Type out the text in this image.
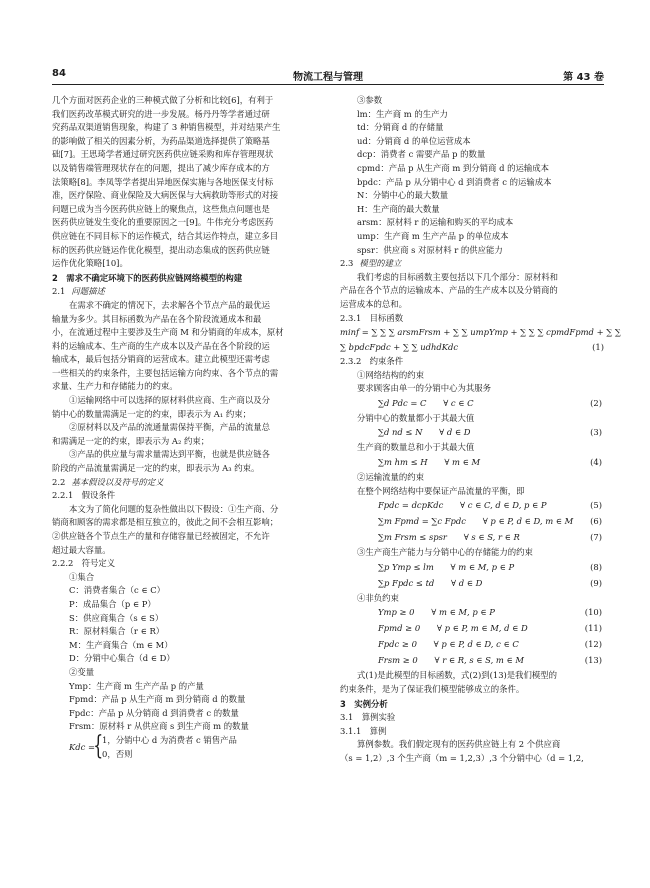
84	物流工程与管理	第 43 卷

几个方面对医药企业的三种模式做了分析和比较[6]，有利于

我们医药改革模式研究的进一步发展。杨丹丹等学者通过研

究药品双渠道销售现象，构建了 3 种销售模型，并对结果产生

的影响做了相关的因素分析，为药品渠道选择提供了策略基

础[7]。王思琦学者通过研究医药供应链采购和库存管理现状

以及销售端管理现状存在的问题，提出了减少库存成本的方

法策略[8]。李凤等学者提出异地医保实施与各地医保支付标

准，医疗保险、商业保险及大病医保与大病救助等形式的对接

问题已成为当今医药供应链上的聚焦点，这些焦点问题也是

医药供应链发生变化的重要原因之一[9]。牛伟充分考虑医药

供应链在不同目标下的运作模式，结合其运作特点，建立多目

标的医药供应链运作优化模型，提出动态集成的医药供应链

运作优化策略[10]。

2　需求不确定环境下的医药供应链网络模型的构建

2.1 问题描述

在需求不确定的情况下，去求解各个节点产品的最优运

输量为多少。其目标函数为产品在各个阶段流通成本和最

小，在流通过程中主要涉及生产商 M 和分销商的年成本，原材

料的运输成本、生产商的生产成本以及产品在各个阶段的运

输成本，最后包括分销商的运营成本。建立此模型还需考虑

一些相关的约束条件，主要包括运输方向约束、各个节点的需

求量、生产力和存储能力的约束。

①运输网络中可以选择的原材料供应商、生产商以及分

销中心的数量需满足一定的约束，即表示为 A₁ 约束；

②原材料以及产品的流通量需保持平衡，产品的流量总

和需满足一定的约束，即表示为 A₂ 约束；

③产品的供应量与需求量需达到平衡，也就是供应链各

阶段的产品流量需满足一定的约束，即表示为 A₃ 约束。

2.2 基本假设以及符号的定义

2.2.1　假设条件

本文为了简化问题的复杂性做出以下假设：①生产商、分

销商和顾客的需求都是相互独立的，彼此之间不会相互影响；

②供应链各个节点生产的量和存储容量已经被固定，不允许

超过最大容量。

2.2.2　符号定义

①集合

C：消费者集合（c ∈ C）

P：成品集合（p ∈ P）

S：供应商集合（s ∈ S）

R：原材料集合（r ∈ R）

M：生产商集合（m ∈ M）

D：分销中心集合（d ∈ D）

②变量

Ymp：生产商 m 生产产品 p 的产量

Fpmd：产品 p 从生产商 m 到分销商 d 的数量

Fpdc：产品 p 从分销商 d 到消费者 c 的数量

Frsm：原材料 r 从供应商 s 到生产商 m 的数量

Kdc =
{
1，分销中心 d 为消费者 c 销售产品
0，否则

③参数

lm：生产商 m 的生产力

td：分销商 d 的存储量

ud：分销商 d 的单位运营成本

dcp：消费者 c 需要产品 p 的数量

cpmd：产品 p 从生产商 m 到分销商 d 的运输成本

bpdc：产品 p 从分销中心 d 到消费者 c 的运输成本

N：分销中心的最大数量

H：生产商的最大数量

arsm：原材料 r 的运输和购买的平均成本

ump：生产商 m 生产产品 p 的单位成本

spsr：供应商 s 对原材料 r 的供应能力

2.3 模型的建立

我们考虑的目标函数主要包括以下几个部分：原材料和

产品在各个节点的运输成本、产品的生产成本以及分销商的

运营成本的总和。

2.3.1　目标函数

minf = ∑ ∑ ∑ arsmFrsm + ∑ ∑ umpYmp + ∑ ∑ ∑ cpmdFpmd + ∑ ∑

∑ bpdcFpdc + ∑ ∑ udhdKdc	(1)

2.3.2　约束条件

①网络结构的约束

要求顾客由单一的分销中心为其服务

∑d Pdc = C　　∀ c ∈ C	(2)

分销中心的数量都小于其最大值

∑d nd ≤ N　　∀ d ∈ D	(3)

生产商的数量总和小于其最大值

∑m hm ≤ H　　∀ m ∈ M	(4)

②运输流量的约束

在整个网络结构中要保证产品流量的平衡，即

Fpdc = dcpKdc　　∀ c ∈ C, d ∈ D, p ∈ P	(5)
∑m Fpmd = ∑c Fpdc　　∀ p ∈ P, d ∈ D, m ∈ M (6)
∑m Frsm ≤ spsr　　∀ s ∈ S, r ∈ R	(7)

③生产商生产能力与分销中心的存储能力的约束

∑p Ymp ≤ lm　　∀ m ∈ M, p ∈ P	(8)
∑p Fpdc ≤ td　　∀ d ∈ D	(9)

④非负约束

Ymp ≥ 0　　∀ m ∈ M, p ∈ P	(10)
Fpmd ≥ 0　　∀ p ∈ P, m ∈ M, d ∈ D	(11)
Fpdc ≥ 0　　∀ p ∈ P, d ∈ D, c ∈ C	(12)
Frsm ≥ 0　　∀ r ∈ R, s ∈ S, m ∈ M	(13)

式(1)是此模型的目标函数，式(2)到(13)是我们模型的

约束条件，是为了保证我们模型能够成立的条件。

3　实例分析

3.1　算例实验

3.1.1　算例

算例参数。我们假定现有的医药供应链上有 2 个供应商

（s = 1,2）,3 个生产商（m = 1,2,3）,3 个分销中心（d = 1,2,
